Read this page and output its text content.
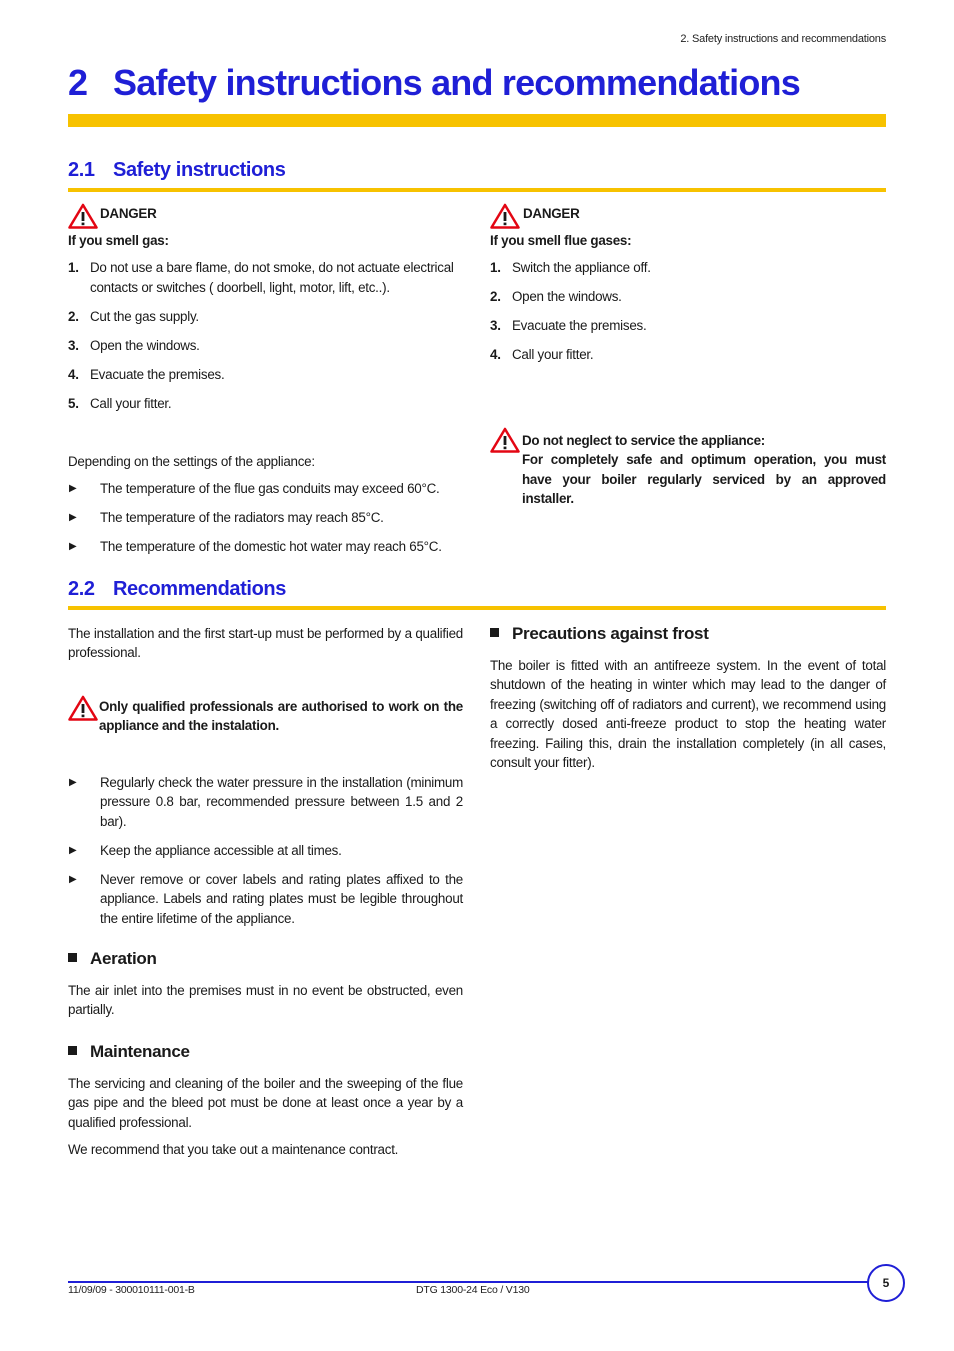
2. Safety instructions and recommendations
2 Safety instructions and recommendations
2.1 Safety instructions
DANGER
If you smell gas:
1. Do not use a bare flame, do not smoke, do not actuate electrical contacts or switches ( doorbell, light, motor, lift, etc..).
2. Cut the gas supply.
3. Open the windows.
4. Evacuate the premises.
5. Call your fitter.
Depending on the settings of the appliance:
▶	The temperature of the flue gas conduits may exceed 60°C.
▶	The temperature of the radiators may reach 85°C.
▶	The temperature of the domestic hot water may reach 65°C.
DANGER
If you smell flue gases:
1. Switch the appliance off.
2. Open the windows.
3. Evacuate the premises.
4. Call your fitter.
Do not neglect to service the appliance:
For completely safe and optimum operation, you must have your boiler regularly serviced by an approved installer.
2.2 Recommendations
The installation and the first start-up must be performed by a qualified professional.
Only qualified professionals are authorised to work on the appliance and the instalation.
▶	Regularly check the water pressure in the installation (minimum pressure 0.8 bar, recommended pressure between 1.5 and 2 bar).
▶	Keep the appliance accessible at all times.
▶	Never remove or cover labels and rating plates affixed to the appliance. Labels and rating plates must be legible throughout the entire lifetime of the appliance.
Aeration
The air inlet into the premises must in no event be obstructed, even partially.
Maintenance
The servicing and cleaning of the boiler and the sweeping of the flue gas pipe and the bleed pot must be done at least once a year by a qualified professional.
We recommend that you take out a maintenance contract.
Precautions against frost
The boiler is fitted with an antifreeze system. In the event of total shutdown of the heating in winter which may lead to the danger of freezing (switching off of radiators and current), we recommend using a correctly dosed anti-freeze product to stop the heating water freezing. Failing this, drain the installation completely (in all cases, consult your fitter).
11/09/09 - 300010111-001-B	DTG 1300-24 Eco / V130	5
